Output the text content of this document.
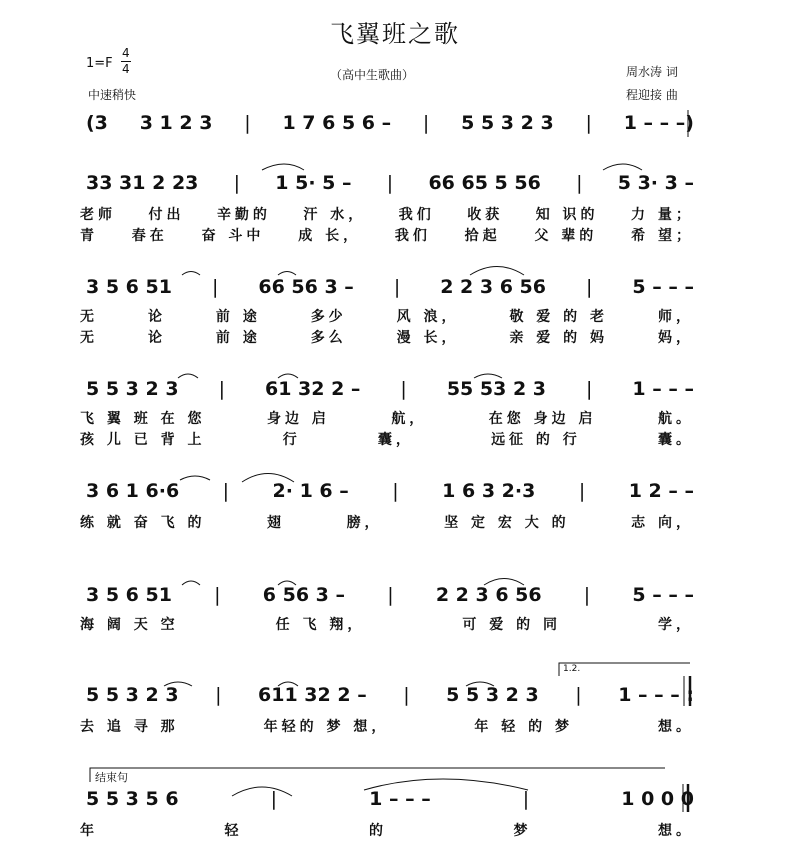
飞翼班之歌
1=F
4
4	（高中生歌曲）
中速稍快
周水涛 词
程迎接 曲
(3 3 1 2 3 | 1 7 6 5 6 – | 5 5 3 2 3 | 1 – – –)
33 31 2 23 | 1 5· 5 – | 66 65 5 56 | 5 3· 3 –
老师 付出 辛勤的 汗 水， 我们 收获 知 识的 力 量；
青 春在 奋 斗中 成 长， 我们 拾起 父 辈的 希 望；
3 5 6 51 | 66 56 3 – | 2 2 3 6 56 | 5 – – –
无	论	前 途	多少	风 浪，	敬 爱 的 老	师，
无	论	前 途	多么	漫 长，	亲 爱 的 妈	妈，
5 5 3 2 3 | 61 32 2 – | 55 53 2 3 | 1 – – –
飞 翼 班 在 您	身边 启	航，	在您 身边 启	航。
孩 儿 已 背 上	行	囊，	远征 的 行	囊。
3 6 1 6·6 | 2· 1 6 – | 1 6 3 2·3 | 1 2 – –
练 就 奋 飞 的	翅	膀，	坚 定 宏 大 的	志 向，
3 5 6 51 | 6 56 3 – | 2 2 3 6 56 | 5 – – –
海 阔 天 空	任 飞 翔，	可 爱 的 同	学，
5 5 3 2 3 | 611 32 2 – | 5 5 3 2 3 | 1 – – – :
去 追 寻 那	年轻的 梦 想，	年 轻 的 梦	想。
1.2.
5 5 3 5 6	|	1 – – –	|	1 0 0 0
年	轻	的	梦	想。
结束句
